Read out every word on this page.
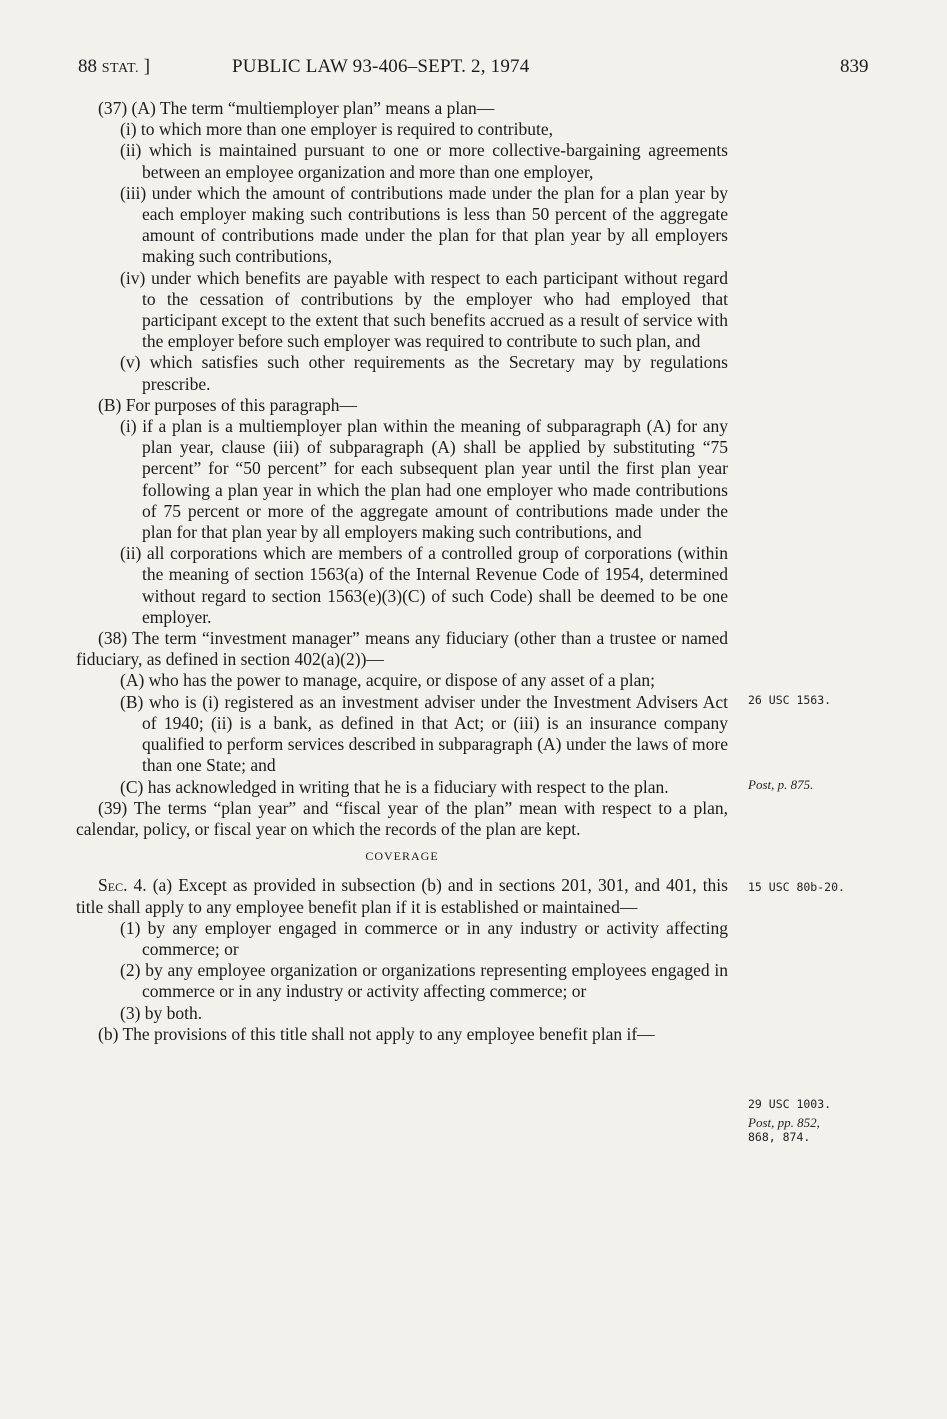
88 STAT. ]	PUBLIC LAW 93-406–SEPT. 2, 1974	839

(37) (A) The term “multiemployer plan” means a plan—

(i) to which more than one employer is required to contribute,

(ii) which is maintained pursuant to one or more collective-bargaining agreements between an employee organization and more than one employer,

(iii) under which the amount of contributions made under the plan for a plan year by each employer making such contributions is less than 50 percent of the aggregate amount of contributions made under the plan for that plan year by all employers making such contributions,

(iv) under which benefits are payable with respect to each participant without regard to the cessation of contributions by the employer who had employed that participant except to the extent that such benefits accrued as a result of service with the employer before such employer was required to contribute to such plan, and

(v) which satisfies such other requirements as the Secretary may by regulations prescribe.

(B) For purposes of this paragraph—

(i) if a plan is a multiemployer plan within the meaning of subparagraph (A) for any plan year, clause (iii) of subparagraph (A) shall be applied by substituting “75 percent” for “50 percent” for each subsequent plan year until the first plan year following a plan year in which the plan had one employer who made contributions of 75 percent or more of the aggregate amount of contributions made under the plan for that plan year by all employers making such contributions, and

(ii) all corporations which are members of a controlled group of corporations (within the meaning of section 1563(a) of the Internal Revenue Code of 1954, determined without regard to section 1563(e)(3)(C) of such Code) shall be deemed to be one employer.

(38) The term “investment manager” means any fiduciary (other than a trustee or named fiduciary, as defined in section 402(a)(2))—

(A) who has the power to manage, acquire, or dispose of any asset of a plan;

(B) who is (i) registered as an investment adviser under the Investment Advisers Act of 1940; (ii) is a bank, as defined in that Act; or (iii) is an insurance company qualified to perform services described in subparagraph (A) under the laws of more than one State; and

(C) has acknowledged in writing that he is a fiduciary with respect to the plan.

(39) The terms “plan year” and “fiscal year of the plan” mean with respect to a plan, calendar, policy, or fiscal year on which the records of the plan are kept.

COVERAGE

Sec. 4. (a) Except as provided in subsection (b) and in sections 201, 301, and 401, this title shall apply to any employee benefit plan if it is established or maintained—

(1) by any employer engaged in commerce or in any industry or activity affecting commerce; or

(2) by any employee organization or organizations representing employees engaged in commerce or in any industry or activity affecting commerce; or

(3) by both.

(b) The provisions of this title shall not apply to any employee benefit plan if—

26 USC 1563.
Post, p. 875.
15 USC 80b-20.
29 USC 1003.
Post, pp. 852,
868, 874.
